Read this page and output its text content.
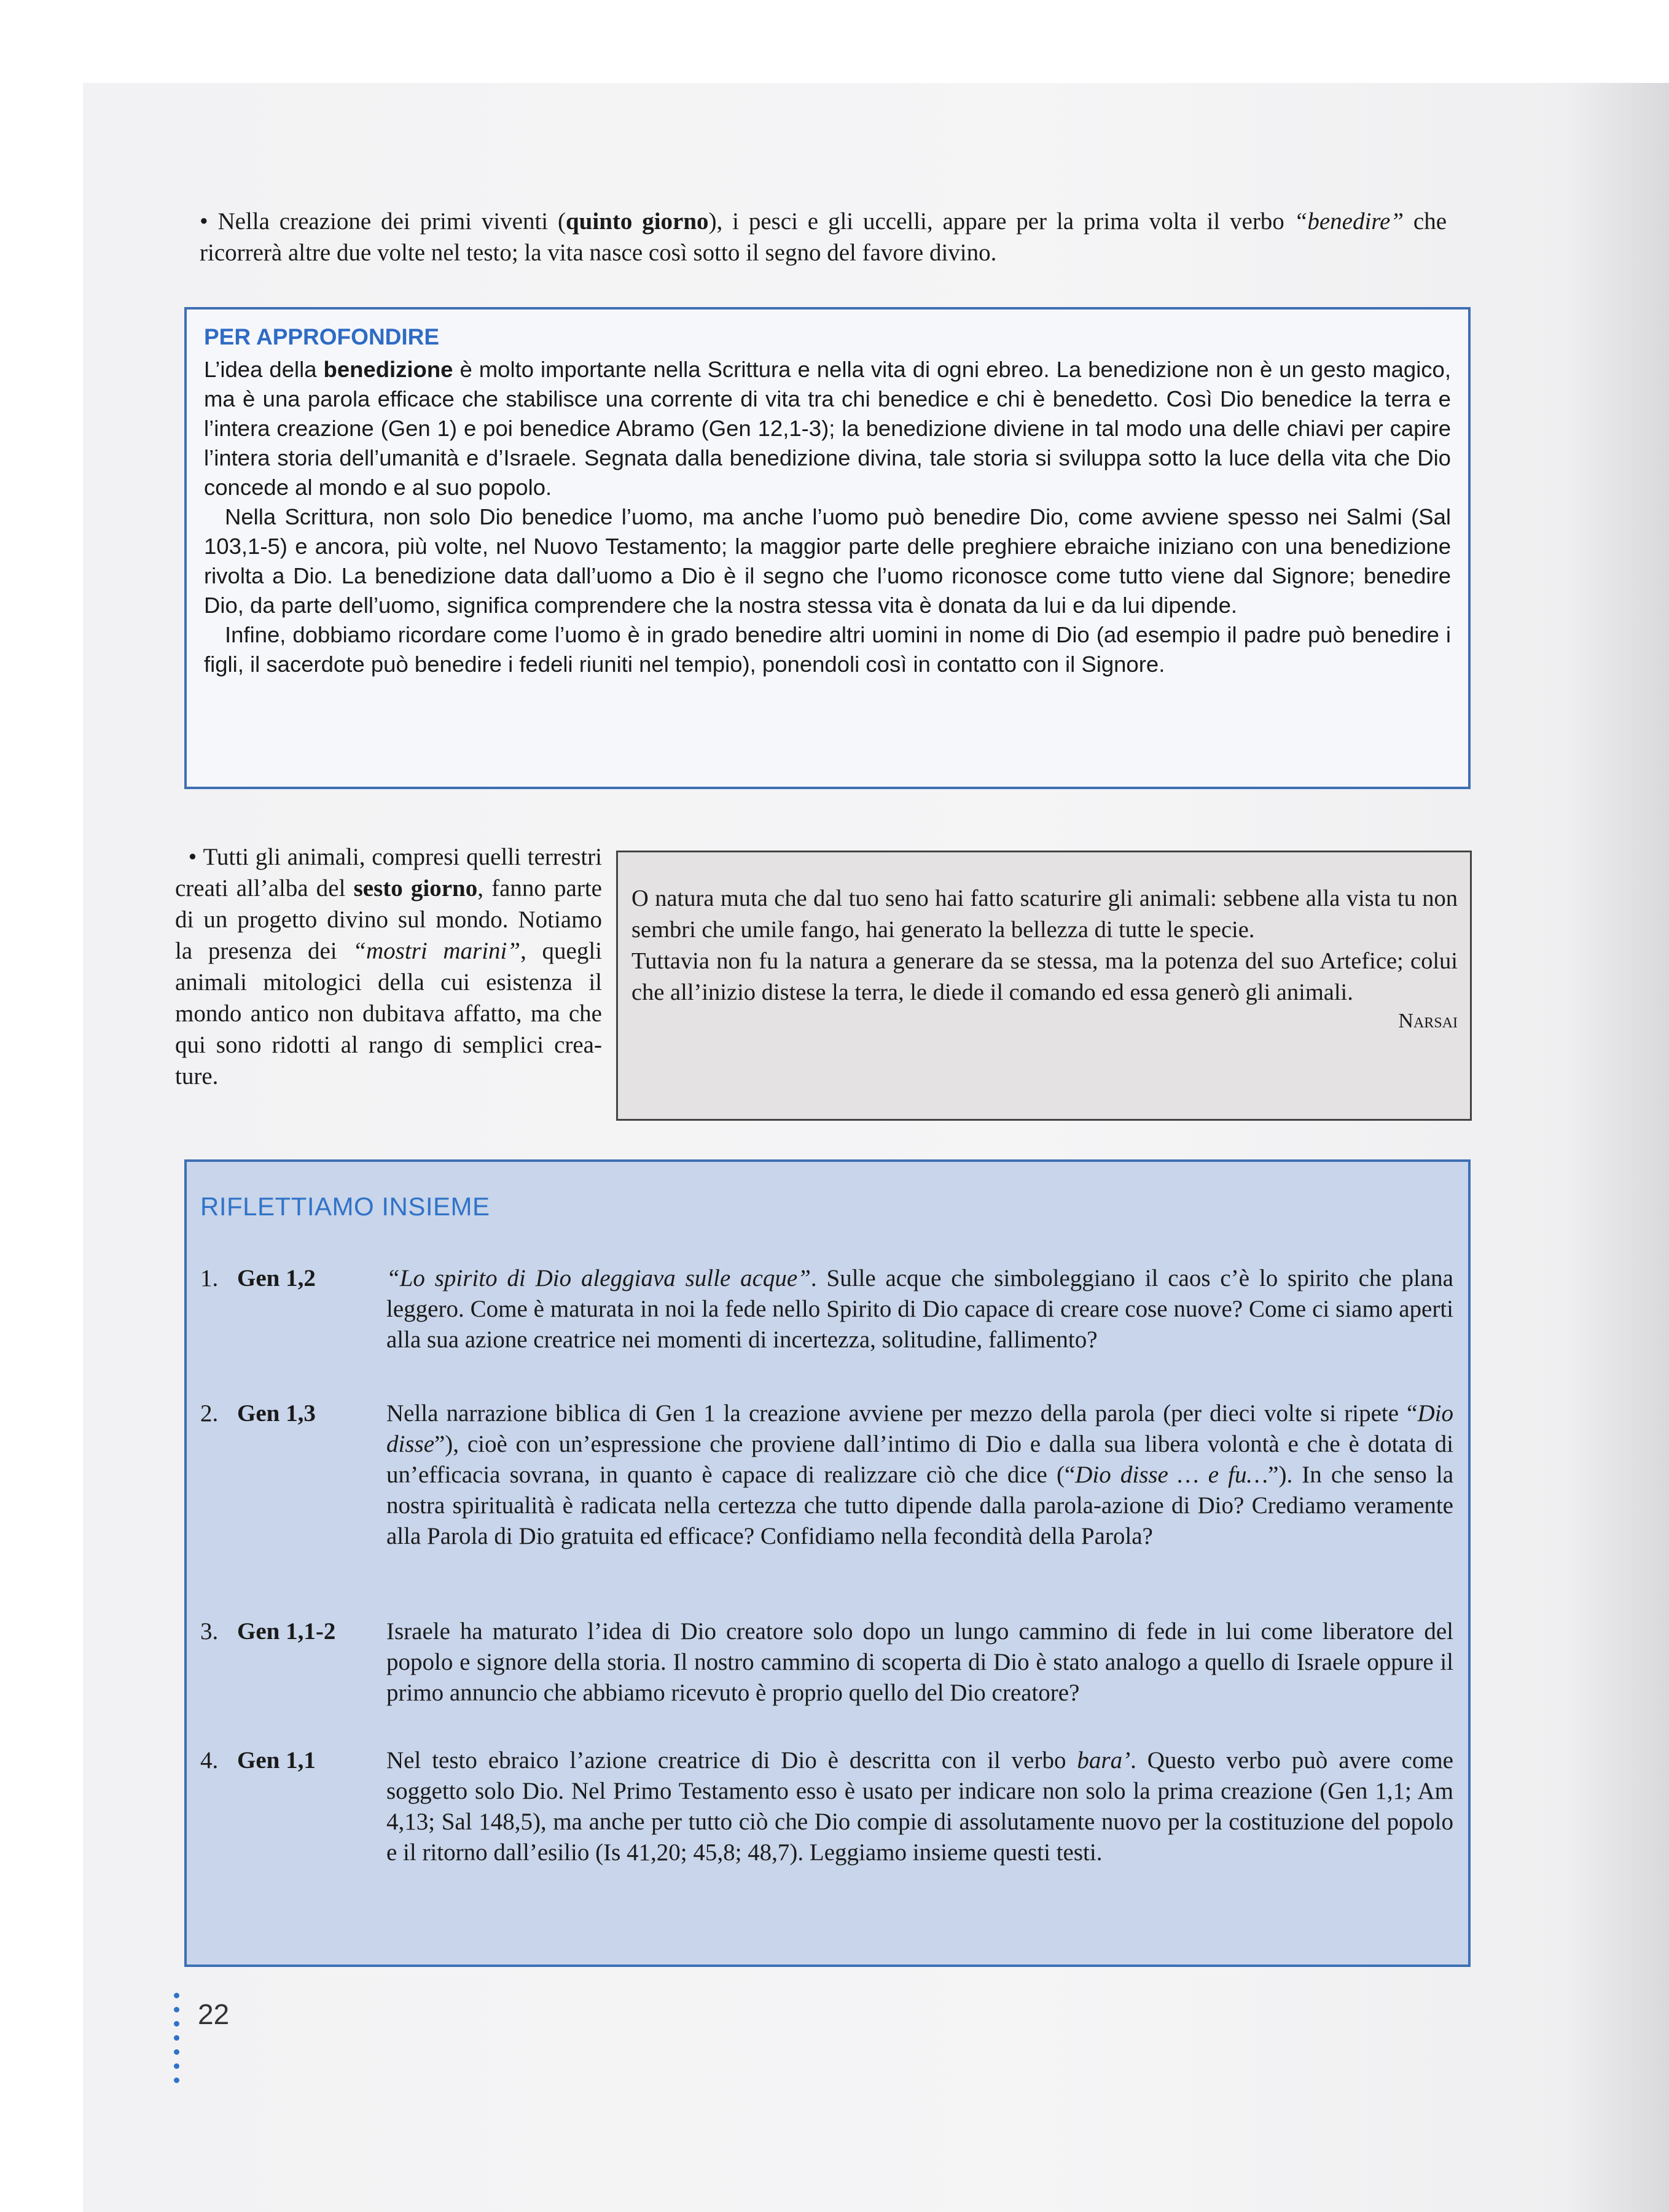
• Nella creazione dei primi viventi (quinto giorno), i pesci e gli uccelli, appare per la prima volta il verbo “benedire” che ricorrerà altre due volte nel testo; la vita nasce così sotto il segno del favore divino.
PER APPROFONDIRE

L’idea della benedizione è molto importante nella Scrittura e nella vita di ogni ebreo. La benedizione non è un gesto magico, ma è una parola efficace che stabilisce una corrente di vita tra chi benedice e chi è benedetto. Così Dio benedice la terra e l’intera creazione (Gen 1) e poi benedice Abramo (Gen 12,1-3); la benedizione diviene in tal modo una delle chiavi per capire l’intera storia dell’umanità e d’Israele. Segnata dalla benedizione divina, tale storia si sviluppa sotto la luce della vita che Dio concede al mondo e al suo popolo.

Nella Scrittura, non solo Dio benedice l’uomo, ma anche l’uomo può benedire Dio, come avviene spesso nei Salmi (Sal 103,1-5) e ancora, più volte, nel Nuovo Testamento; la maggior parte delle preghiere ebraiche iniziano con una benedizione rivolta a Dio. La benedizione data dall’uomo a Dio è il segno che l’uomo riconosce come tutto viene dal Signore; benedire Dio, da parte dell’uomo, significa comprendere che la nostra stessa vita è donata da lui e da lui dipende.

Infine, dobbiamo ricordare come l’uomo è in grado benedire altri uomini in nome di Dio (ad esempio il padre può benedire i figli, il sacerdote può benedire i fedeli riuniti nel tempio), ponendoli così in contatto con il Signore.

• Tutti gli animali, compresi quelli terrestri creati all’alba del sesto giorno, fanno parte di un progetto divino sul mondo. Notiamo la presenza dei “mostri marini”, quegli animali mitologici della cui esistenza il mondo antico non dubitava affatto, ma che qui sono ridotti al rango di semplici creature.

O natura muta che dal tuo seno hai fatto scaturire gli animali: sebbene alla vista tu non sembri che umile fango, hai generato la bellezza di tutte le specie.

Tuttavia non fu la natura a generare da se stessa, ma la potenza del suo Artefice; colui che all’inizio distese la terra, le diede il comando ed essa generò gli animali.

Narsai
RIFLETTIAMO INSIEME
1. Gen 1,2	“Lo spirito di Dio aleggiava sulle acque”. Sulle acque che simboleggiano il caos c’è lo spirito che plana leggero. Come è maturata in noi la fede nello Spirito di Dio capace di creare cose nuove? Come ci siamo aperti alla sua azione creatrice nei momenti di incertezza, solitudine, fallimento?
2. Gen 1,3	Nella narrazione biblica di Gen 1 la creazione avviene per mezzo della parola (per dieci volte si ripete “Dio disse”), cioè con un’espressione che proviene dall’intimo di Dio e dalla sua libera volontà e che è dotata di un’efficacia sovrana, in quanto è capace di realizzare ciò che dice (“Dio disse … e fu…”). In che senso la nostra spiritualità è radicata nella certezza che tutto dipende dalla parola-azione di Dio? Crediamo veramente alla Parola di Dio gratuita ed efficace? Confidiamo nella fecondità della Parola?
3. Gen 1,1-2 Israele ha maturato l’idea di Dio creatore solo dopo un lungo cammino di fede in lui come liberatore del popolo e signore della storia. Il nostro cammino di scoperta di Dio è stato analogo a quello di Israele oppure il primo annuncio che abbiamo ricevuto è proprio quello del Dio creatore?
4. Gen 1,1	Nel testo ebraico l’azione creatrice di Dio è descritta con il verbo bara’. Questo verbo può avere come soggetto solo Dio. Nel Primo Testamento esso è usato per indicare non solo la prima creazione (Gen 1,1; Am 4,13; Sal 148,5), ma anche per tutto ciò che Dio compie di assolutamente nuovo per la costituzione del popolo e il ritorno dall’esilio (Is 41,20; 45,8; 48,7). Leggiamo insieme questi testi.
22
